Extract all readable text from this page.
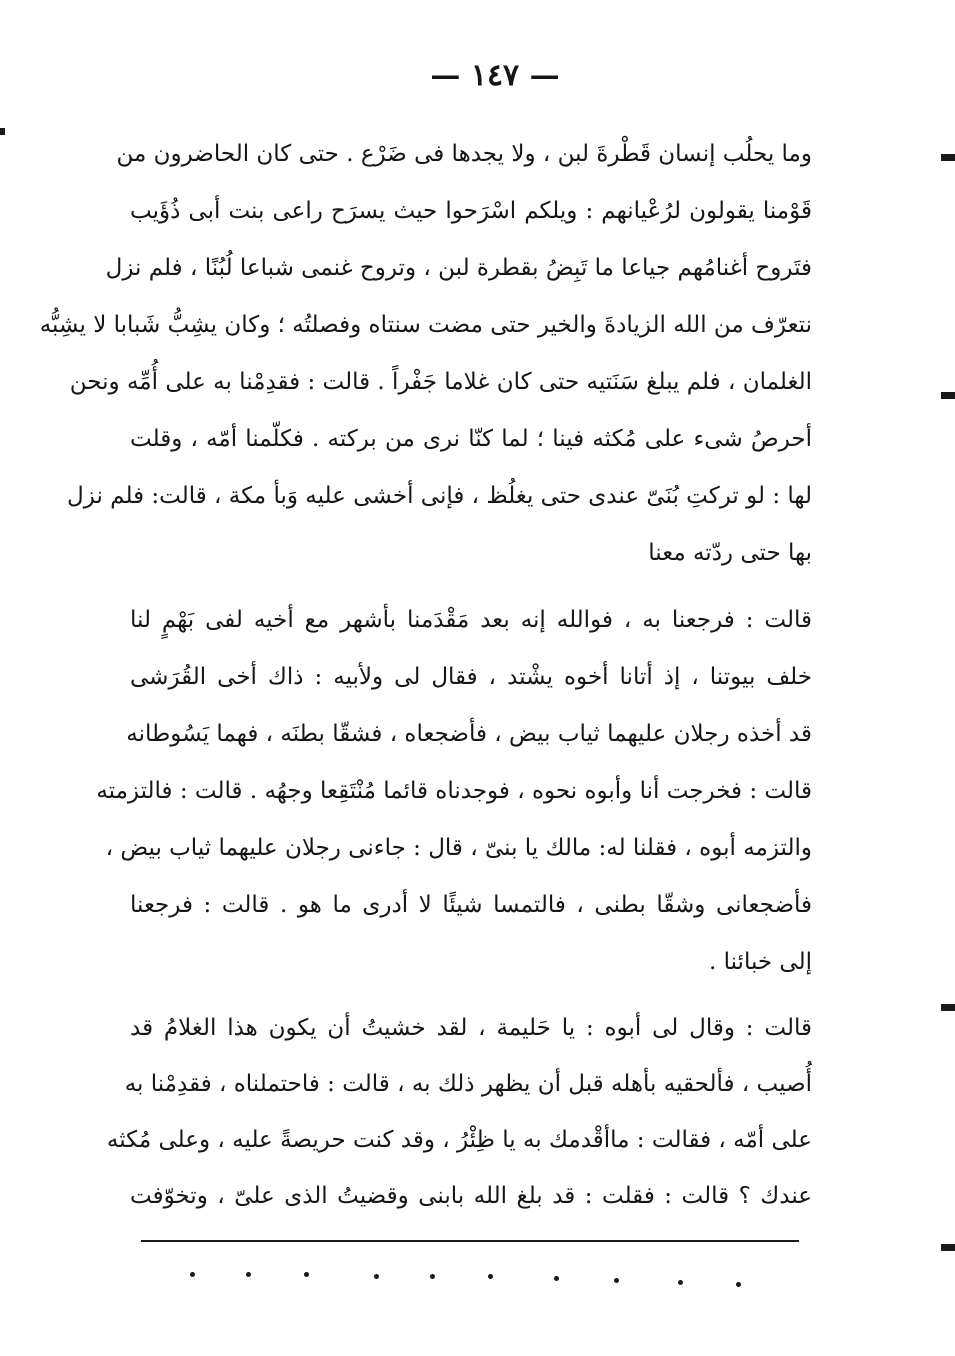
— ١٤٧ —
وما يحلُب إنسان قَطْرةَ لبن ، ولا يجدها فى ضَرْع . حتى كان الحاضرون من
قَوْمنا يقولون لرُعْيانهم : ويلكم اسْرَحوا حيث يسرَح راعى بنت أبى ذُؤَيب
فتَروح أغنامُهم جياعا ما تَبِضُ بقطرة لبن ، وتروح غنمى شباعا لُبُنًا ، فلم نزل
نتعرّف من الله الزيادةَ والخير حتى مضت سنتاه وفصلتُه ؛ وكان يشِبُّ شَبابا لا يشِبُّه
الغلمان ، فلم يبلغ سَنَتيه حتى كان غلاما جَفْراً . قالت : فقدِمْنا به على أُمِّه ونحن
أحرصُ شىء على مُكثه فينا ؛ لما كنّا نرى من بركته . فكلّمنا أمّه ، وقلت
لها : لو تركتِ بُنَىّ عندى حتى يغلُظ ، فإنى أخشى عليه وَبأ مكة ، قالت: فلم نزل
بها حتى ردّته معنا
قالت : فرجعنا به ، فوالله إنه بعد مَقْدَمنا بأشهر مع أخيه لفى بَهْمٍ لنا
خلف بيوتنا ، إذ أتانا أخوه يشْتد ، فقال لى ولأبيه : ذاك أخى القُرَشى
قد أخذه رجلان عليهما ثياب بيض ، فأضجعاه ، فشقّا بطنَه ، فهما يَسُوطانه
قالت : فخرجت أنا وأبوه نحوه ، فوجدناه قائما مُنْتَقِعا وجهُه . قالت : فالتزمته
والتزمه أبوه ، فقلنا له: مالك يا بنىّ ، قال : جاءنى رجلان عليهما ثياب بيض ،
فأضجعانى وشقّا بطنى ، فالتمسا شيئًا لا أدرى ما هو . قالت : فرجعنا
إلى خبائنا .
قالت : وقال لى أبوه : يا حَليمة ، لقد خشيتُ أن يكون هذا الغلامُ قد
أُصيب ، فألحقيه بأهله قبل أن يظهر ذلك به ، قالت : فاحتملناه ، فقدِمْنا به
على أمّه ، فقالت : ماأقْدمك به يا ظِئْرُ ، وقد كنت حريصةً عليه ، وعلى مُكثه
عندك ؟ قالت : فقلت : قد بلغ الله بابنى وقضيتُ الذى علىّ ، وتخوّفت
